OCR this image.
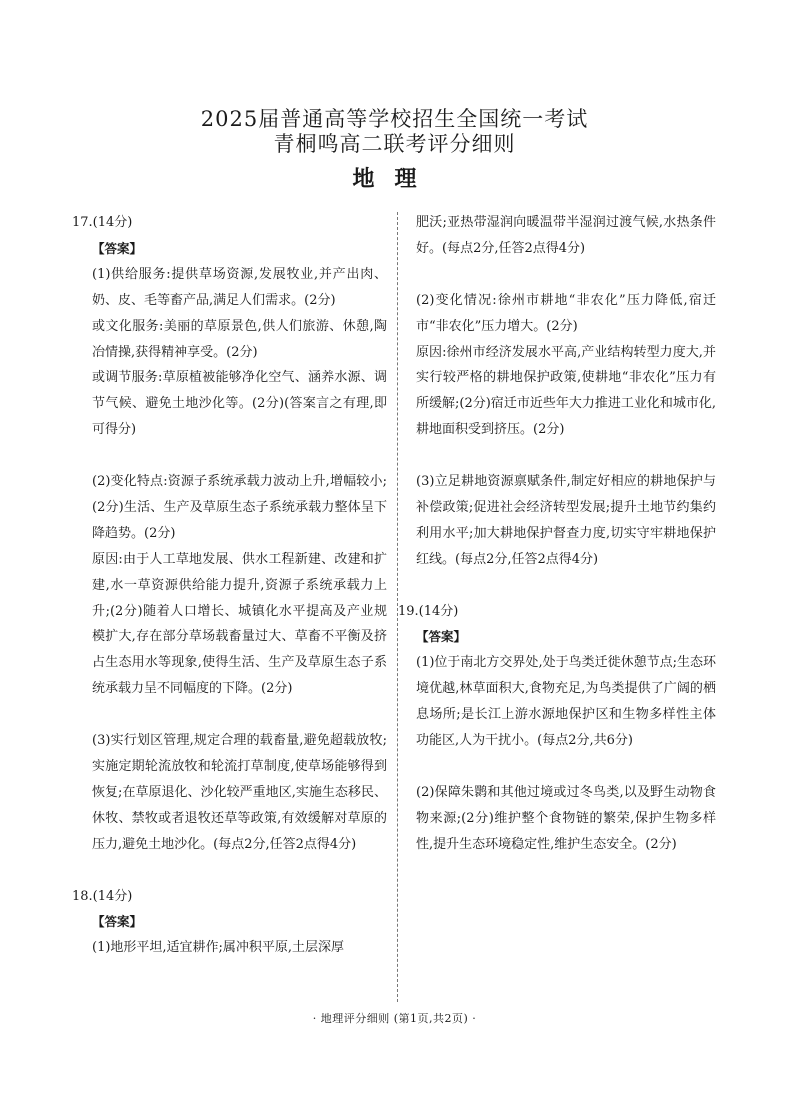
2025届普通高等学校招生全国统一考试
青桐鸣高二联考评分细则
地理

17.(14分)

【答案】

(1)供给服务:提供草场资源,发展牧业,并产出肉、奶、皮、毛等畜产品,满足人们需求。(2分)

或文化服务:美丽的草原景色,供人们旅游、休憩,陶冶情操,获得精神享受。(2分)

或调节服务:草原植被能够净化空气、涵养水源、调节气候、避免土地沙化等。(2分)(答案言之有理,即可得分)

(2)变化特点:资源子系统承载力波动上升,增幅较小;(2分)生活、生产及草原生态子系统承载力整体呈下降趋势。(2分)

原因:由于人工草地发展、供水工程新建、改建和扩建,水一草资源供给能力提升,资源子系统承载力上升;(2分)随着人口增长、城镇化水平提高及产业规模扩大,存在部分草场载畜量过大、草畜不平衡及挤占生态用水等现象,使得生活、生产及草原生态子系统承载力呈不同幅度的下降。(2分)

(3)实行划区管理,规定合理的载畜量,避免超载放牧;实施定期轮流放牧和轮流打草制度,使草场能够得到恢复;在草原退化、沙化较严重地区,实施生态移民、休牧、禁牧或者退牧还草等政策,有效缓解对草原的压力,避免土地沙化。(每点2分,任答2点得4分)

18.(14分)

【答案】

(1)地形平坦,适宜耕作;属冲积平原,土层深厚

肥沃;亚热带湿润向暖温带半湿润过渡气候,水热条件好。(每点2分,任答2点得4分)

(2)变化情况:徐州市耕地“非农化”压力降低,宿迁市“非农化”压力增大。(2分)

原因:徐州市经济发展水平高,产业结构转型力度大,并实行较严格的耕地保护政策,使耕地“非农化”压力有所缓解;(2分)宿迁市近些年大力推进工业化和城市化,耕地面积受到挤压。(2分)

(3)立足耕地资源禀赋条件,制定好相应的耕地保护与补偿政策;促进社会经济转型发展;提升土地节约集约利用水平;加大耕地保护督查力度,切实守牢耕地保护红线。(每点2分,任答2点得4分)

19.(14分)

【答案】

(1)位于南北方交界处,处于鸟类迁徙休憩节点;生态环境优越,林草面积大,食物充足,为鸟类提供了广阔的栖息场所;是长江上游水源地保护区和生物多样性主体功能区,人为干扰小。(每点2分,共6分)

(2)保障朱鹮和其他过境或过冬鸟类,以及野生动物食物来源;(2分)维护整个食物链的繁荣,保护生物多样性,提升生态环境稳定性,维护生态安全。(2分)

· 地理评分细则 (第1页,共2页) ·
